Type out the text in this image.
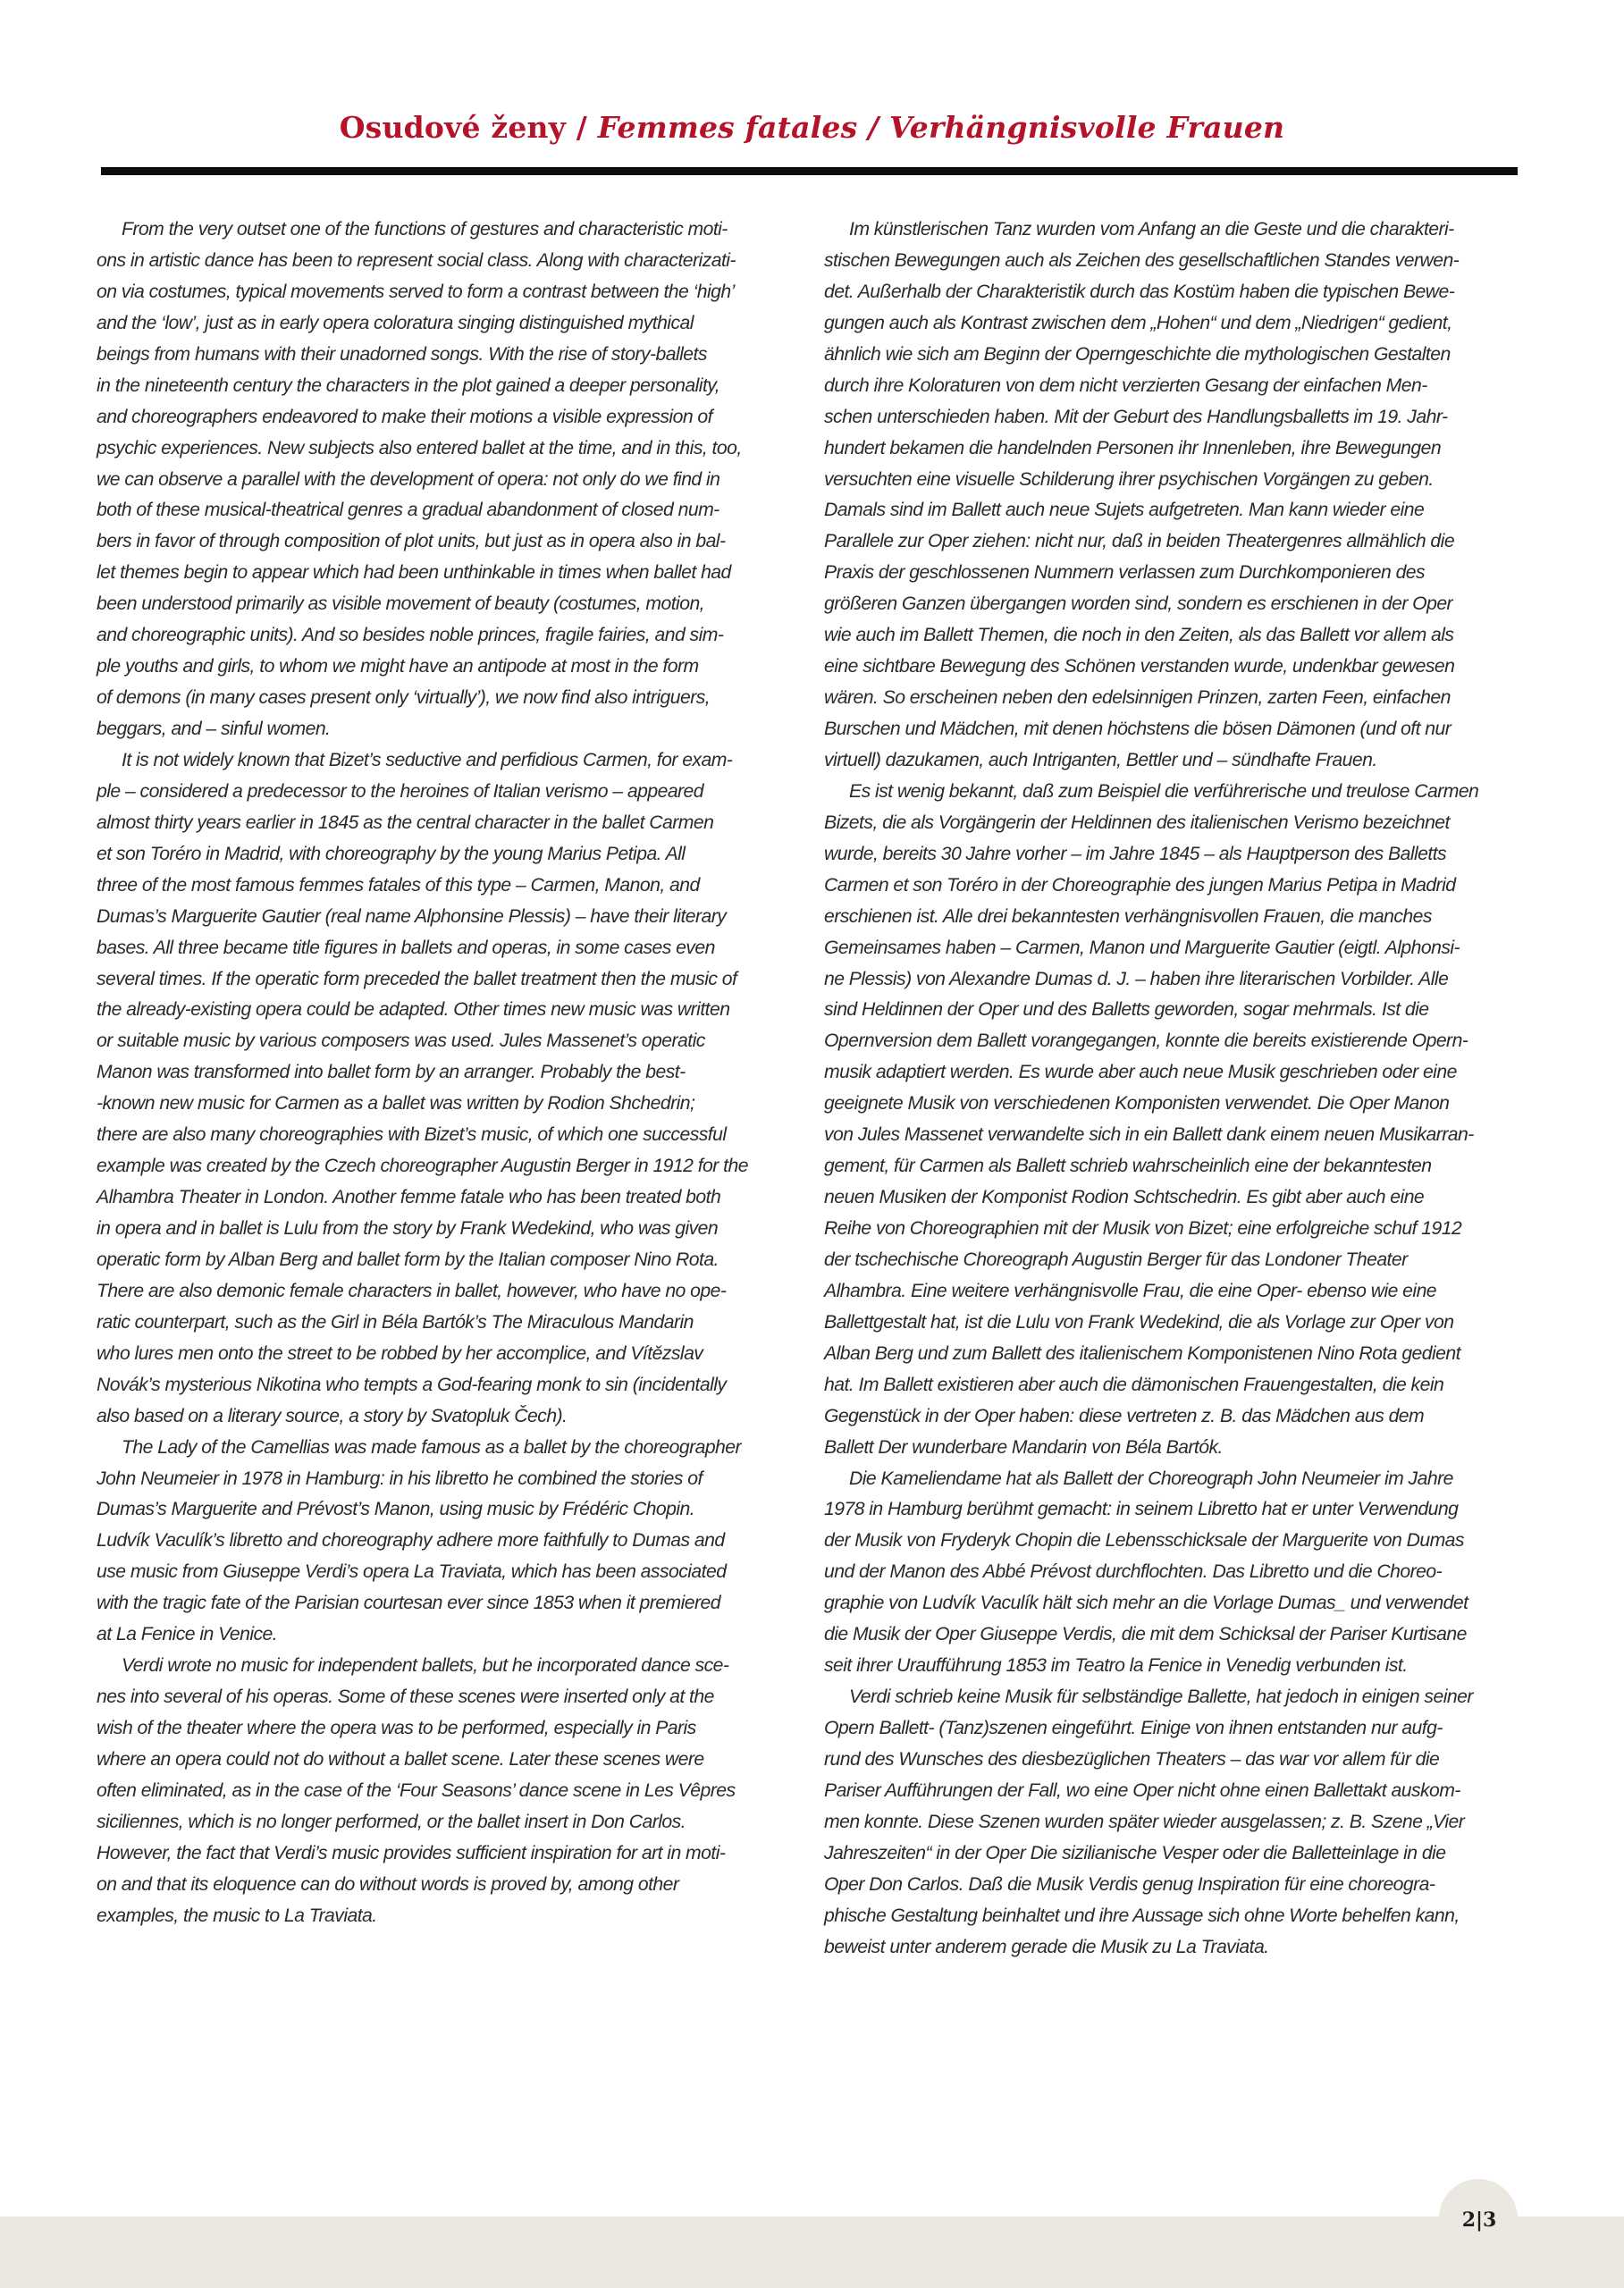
Osudové ženy / Femmes fatales / Verhängnisvolle Frauen
From the very outset one of the functions of gestures and characteristic moti-
ons in artistic dance has been to represent social class. Along with characterizati-
on via costumes, typical movements served to form a contrast between the ‘high’
and the ‘low’, just as in early opera coloratura singing distinguished mythical
beings from humans with their unadorned songs. With the rise of story-ballets
in the nineteenth century the characters in the plot gained a deeper personality,
and choreographers endeavored to make their motions a visible expression of
psychic experiences. New subjects also entered ballet at the time, and in this, too,
we can observe a parallel with the development of opera: not only do we find in
both of these musical-theatrical genres a gradual abandonment of closed num-
bers in favor of through composition of plot units, but just as in opera also in bal-
let themes begin to appear which had been unthinkable in times when ballet had
been understood primarily as visible movement of beauty (costumes, motion,
and choreographic units). And so besides noble princes, fragile fairies, and sim-
ple youths and girls, to whom we might have an antipode at most in the form
of demons (in many cases present only ‘virtually’), we now find also intriguers,
beggars, and – sinful women.
It is not widely known that Bizet’s seductive and perfidious Carmen, for exam-
ple – considered a predecessor to the heroines of Italian verismo – appeared
almost thirty years earlier in 1845 as the central character in the ballet Carmen
et son Toréro in Madrid, with choreography by the young Marius Petipa. All
three of the most famous femmes fatales of this type – Carmen, Manon, and
Dumas’s Marguerite Gautier (real name Alphonsine Plessis) – have their literary
bases. All three became title figures in ballets and operas, in some cases even
several times. If the operatic form preceded the ballet treatment then the music of
the already-existing opera could be adapted. Other times new music was written
or suitable music by various composers was used. Jules Massenet’s operatic
Manon was transformed into ballet form by an arranger. Probably the best-
-known new music for Carmen as a ballet was written by Rodion Shchedrin;
there are also many choreographies with Bizet’s music, of which one successful
example was created by the Czech choreographer Augustin Berger in 1912 for the
Alhambra Theater in London. Another femme fatale who has been treated both
in opera and in ballet is Lulu from the story by Frank Wedekind, who was given
operatic form by Alban Berg and ballet form by the Italian composer Nino Rota.
There are also demonic female characters in ballet, however, who have no ope-
ratic counterpart, such as the Girl in Béla Bartók’s The Miraculous Mandarin
who lures men onto the street to be robbed by her accomplice, and Vítězslav
Novák’s mysterious Nikotina who tempts a God-fearing monk to sin (incidentally
also based on a literary source, a story by Svatopluk Čech).
The Lady of the Camellias was made famous as a ballet by the choreographer
John Neumeier in 1978 in Hamburg: in his libretto he combined the stories of
Dumas’s Marguerite and Prévost’s Manon, using music by Frédéric Chopin.
Ludvík Vaculík’s libretto and choreography adhere more faithfully to Dumas and
use music from Giuseppe Verdi’s opera La Traviata, which has been associated
with the tragic fate of the Parisian courtesan ever since 1853 when it premiered
at La Fenice in Venice.
Verdi wrote no music for independent ballets, but he incorporated dance sce-
nes into several of his operas. Some of these scenes were inserted only at the
wish of the theater where the opera was to be performed, especially in Paris
where an opera could not do without a ballet scene. Later these scenes were
often eliminated, as in the case of the ‘Four Seasons’ dance scene in Les Vêpres
siciliennes, which is no longer performed, or the ballet insert in Don Carlos.
However, the fact that Verdi’s music provides sufficient inspiration for art in moti-
on and that its eloquence can do without words is proved by, among other
examples, the music to La Traviata.
Im künstlerischen Tanz wurden vom Anfang an die Geste und die charakteri-
stischen Bewegungen auch als Zeichen des gesellschaftlichen Standes verwen-
det. Außerhalb der Charakteristik durch das Kostüm haben die typischen Bewe-
gungen auch als Kontrast zwischen dem „Hohen“ und dem „Niedrigen“ gedient,
ähnlich wie sich am Beginn der Operngeschichte die mythologischen Gestalten
durch ihre Koloraturen von dem nicht verzierten Gesang der einfachen Men-
schen unterschieden haben. Mit der Geburt des Handlungsballetts im 19. Jahr-
hundert bekamen die handelnden Personen ihr Innenleben, ihre Bewegungen
versuchten eine visuelle Schilderung ihrer psychischen Vorgängen zu geben.
Damals sind im Ballett auch neue Sujets aufgetreten. Man kann wieder eine
Parallele zur Oper ziehen: nicht nur, daß in beiden Theatergenres allmählich die
Praxis der geschlossenen Nummern verlassen zum Durchkomponieren des
größeren Ganzen übergangen worden sind, sondern es erschienen in der Oper
wie auch im Ballett Themen, die noch in den Zeiten, als das Ballett vor allem als
eine sichtbare Bewegung des Schönen verstanden wurde, undenkbar gewesen
wären. So erscheinen neben den edelsinnigen Prinzen, zarten Feen, einfachen
Burschen und Mädchen, mit denen höchstens die bösen Dämonen (und oft nur
virtuell) dazukamen, auch Intriganten, Bettler und – sündhafte Frauen.
Es ist wenig bekannt, daß zum Beispiel die verführerische und treulose Carmen
Bizets, die als Vorgängerin der Heldinnen des italienischen Verismo bezeichnet
wurde, bereits 30 Jahre vorher – im Jahre 1845 – als Hauptperson des Balletts
Carmen et son Toréro in der Choreographie des jungen Marius Petipa in Madrid
erschienen ist. Alle drei bekanntesten verhängnisvollen Frauen, die manches
Gemeinsames haben – Carmen, Manon und Marguerite Gautier (eigtl. Alphonsi-
ne Plessis) von Alexandre Dumas d. J. – haben ihre literarischen Vorbilder. Alle
sind Heldinnen der Oper und des Balletts geworden, sogar mehrmals. Ist die
Opernversion dem Ballett vorangegangen, konnte die bereits existierende Opern-
musik adaptiert werden. Es wurde aber auch neue Musik geschrieben oder eine
geeignete Musik von verschiedenen Komponisten verwendet. Die Oper Manon
von Jules Massenet verwandelte sich in ein Ballett dank einem neuen Musikarran-
gement, für Carmen als Ballett schrieb wahrscheinlich eine der bekanntesten
neuen Musiken der Komponist Rodion Schtschedrin. Es gibt aber auch eine
Reihe von Choreographien mit der Musik von Bizet; eine erfolgreiche schuf 1912
der tschechische Choreograph Augustin Berger für das Londoner Theater
Alhambra. Eine weitere verhängnisvolle Frau, die eine Oper- ebenso wie eine
Ballettgestalt hat, ist die Lulu von Frank Wedekind, die als Vorlage zur Oper von
Alban Berg und zum Ballett des italienischem Komponistenen Nino Rota gedient
hat. Im Ballett existieren aber auch die dämonischen Frauengestalten, die kein
Gegenstück in der Oper haben: diese vertreten z. B. das Mädchen aus dem
Ballett Der wunderbare Mandarin von Béla Bartók.
Die Kameliendame hat als Ballett der Choreograph John Neumeier im Jahre
1978 in Hamburg berühmt gemacht: in seinem Libretto hat er unter Verwendung
der Musik von Fryderyk Chopin die Lebensschicksale der Marguerite von Dumas
und der Manon des Abbé Prévost durchflochten. Das Libretto und die Choreo-
graphie von Ludvík Vaculík hält sich mehr an die Vorlage Dumas_ und verwendet
die Musik der Oper Giuseppe Verdis, die mit dem Schicksal der Pariser Kurtisane
seit ihrer Uraufführung 1853 im Teatro la Fenice in Venedig verbunden ist.
Verdi schrieb keine Musik für selbständige Ballette, hat jedoch in einigen seiner
Opern Ballett- (Tanz)szenen eingeführt. Einige von ihnen entstanden nur aufg-
rund des Wunsches des diesbezüglichen Theaters – das war vor allem für die
Pariser Aufführungen der Fall, wo eine Oper nicht ohne einen Ballettakt auskom-
men konnte. Diese Szenen wurden später wieder ausgelassen; z. B. Szene „Vier
Jahreszeiten“ in der Oper Die sizilianische Vesper oder die Balletteinlage in die
Oper Don Carlos. Daß die Musik Verdis genug Inspiration für eine choreogra-
phische Gestaltung beinhaltet und ihre Aussage sich ohne Worte behelfen kann,
beweist unter anderem gerade die Musik zu La Traviata.
2|3
